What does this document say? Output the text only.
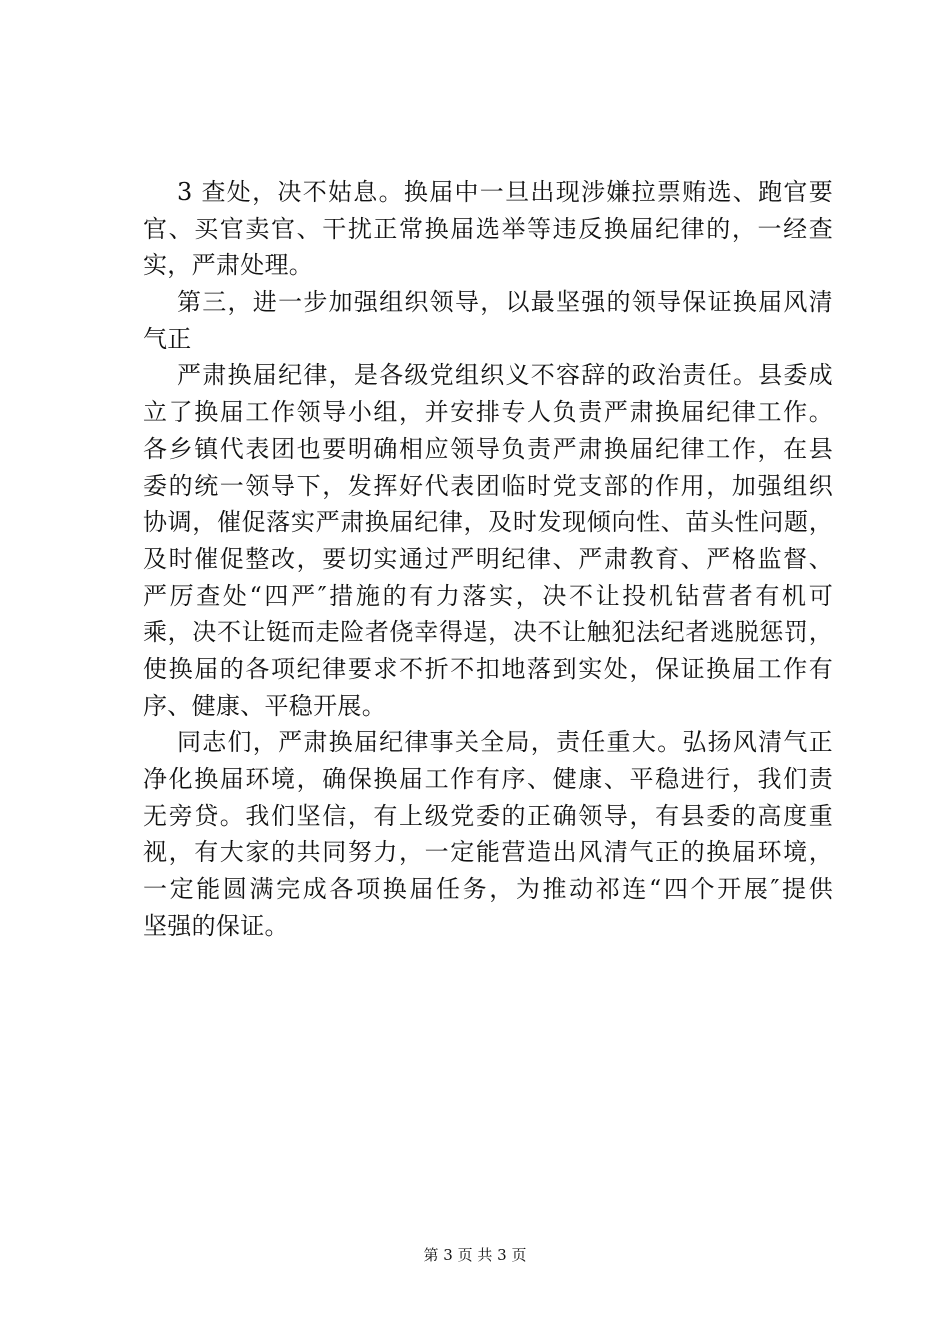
3 查处，决不姑息。换届中一旦出现涉嫌拉票贿选、跑官要
官、买官卖官、干扰正常换届选举等违反换届纪律的，一经查
实，严肃处理。
第三，进一步加强组织领导，以最坚强的领导保证换届风清
气正
严肃换届纪律，是各级党组织义不容辞的政治责任。县委成
立了换届工作领导小组，并安排专人负责严肃换届纪律工作。
各乡镇代表团也要明确相应领导负责严肃换届纪律工作，在县
委的统一领导下，发挥好代表团临时党支部的作用，加强组织
协调，催促落实严肃换届纪律，及时发现倾向性、苗头性问题，
及时催促整改，要切实通过严明纪律、严肃教育、严格监督、
严厉查处“四严″措施的有力落实，决不让投机钻营者有机可
乘，决不让铤而走险者侥幸得逞，决不让触犯法纪者逃脱惩罚，
使换届的各项纪律要求不折不扣地落到实处，保证换届工作有
序、健康、平稳开展。
同志们，严肃换届纪律事关全局，责任重大。弘扬风清气正
净化换届环境，确保换届工作有序、健康、平稳进行，我们责
无旁贷。我们坚信，有上级党委的正确领导，有县委的高度重
视，有大家的共同努力，一定能营造出风清气正的换届环境，
一定能圆满完成各项换届任务，为推动祁连“四个开展″提供
坚强的保证。
第 3 页 共 3 页
